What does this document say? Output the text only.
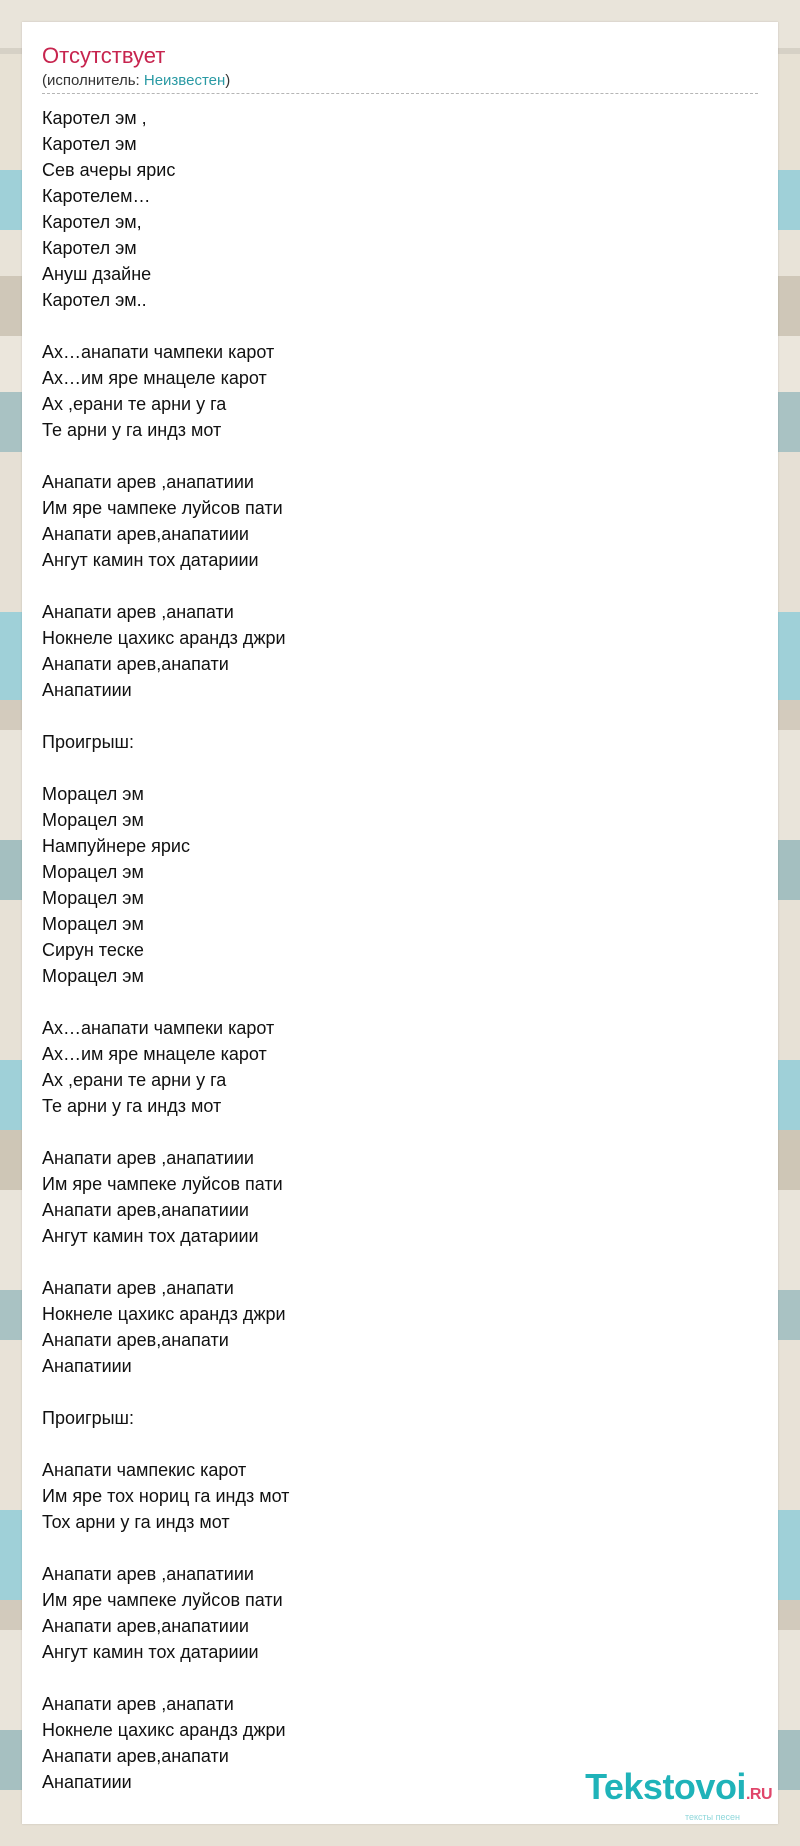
Отсутствует
(исполнитель: Неизвестен)
Каротел эм ,
Каротел эм
Сев ачеры ярис
Каротелем…
Каротел эм,
Каротел эм
Ануш дзайне
Каротел эм..
Ах…анапати чампеки карот
Ах…им яре мнацеле карот
Ах ,ерани те арни у га
Те арни у га индз мот
Анапати арев ,анапатиии
Им яре чампеке луйсов пати
Анапати арев,анапатиии
Ангут камин тох датариии
Анапати арев ,анапати
Нокнеле цахикс арандз джри
Анапати арев,анапати
Анапатиии
Проигрыш:
Морацел эм
Морацел эм
Нампуйнере ярис
Морацел эм
Морацел эм
Морацел эм
Сирун теске
Морацел эм
Ах…анапати чампеки карот
Ах…им яре мнацеле карот
Ах ,ерани те арни у га
Те арни у га индз мот
Анапати арев ,анапатиии
Им яре чампеке луйсов пати
Анапати арев,анапатиии
Ангут камин тох датариии
Анапати арев ,анапати
Нокнеле цахикс арандз джри
Анапати арев,анапати
Анапатиии
Проигрыш:
Анапати чампекис карот
Им яре тох нориц га индз мот
Тох арни у га индз мот
Анапати арев ,анапатиии
Им яре чампеке луйсов пати
Анапати арев,анапатиии
Ангут камин тох датариии
Анапати арев ,анапати
Нокнеле цахикс арандз джри
Анапати арев,анапати
Анапатиии	Tekstovoi.RU
тексты песен
